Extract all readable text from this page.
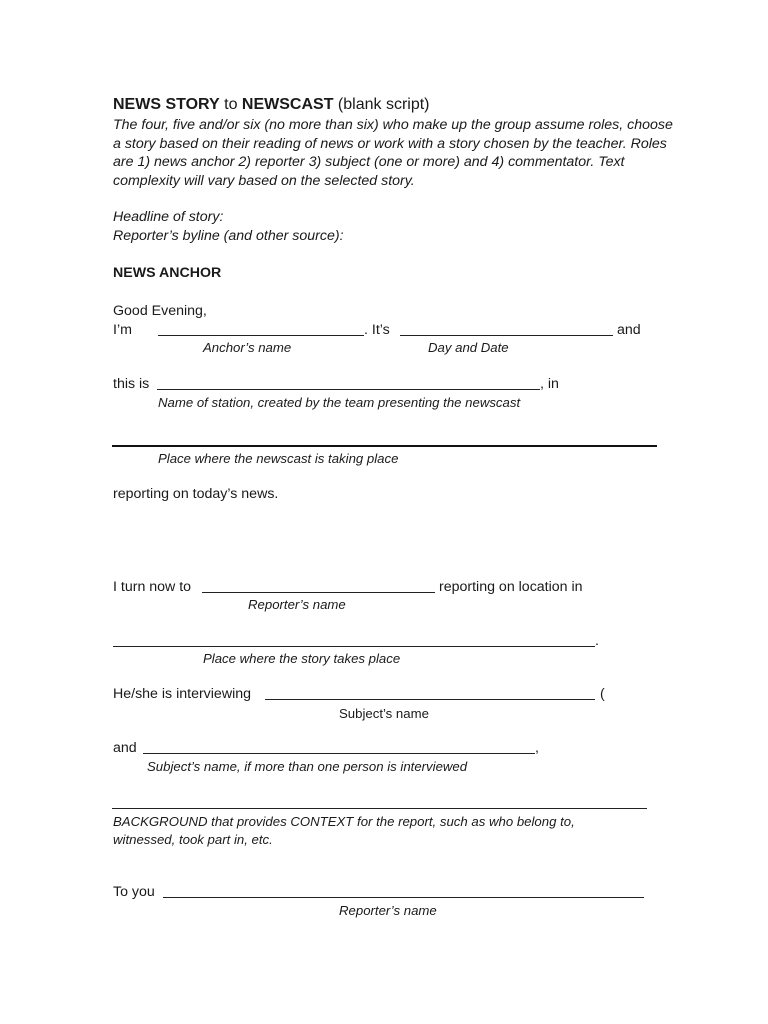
NEWS STORY to NEWSCAST (blank script)
The four, five and/or six (no more than six) who make up the group assume roles, choose a story based on their reading of news or work with a story chosen by the teacher. Roles are 1) news anchor 2) reporter 3) subject (one or more) and 4) commentator. Text complexity will vary based on the selected story.
Headline of story:
Reporter’s byline (and other source):
NEWS ANCHOR
Good Evening,
I’m	. It’s	and
Anchor’s name	Day and Date
this is	, in
Name of station, created by the team presenting the newscast
Place where the newscast is taking place
reporting on today’s news.
I turn now to	reporting on location in
Reporter’s name
.
Place where the story takes place
He/she is interviewing	(
Subject’s name
and	,
Subject’s name, if more than one person is interviewed
BACKGROUND that provides CONTEXT for the report, such as who belong to,
witnessed, took part in, etc.
To you
Reporter’s name
